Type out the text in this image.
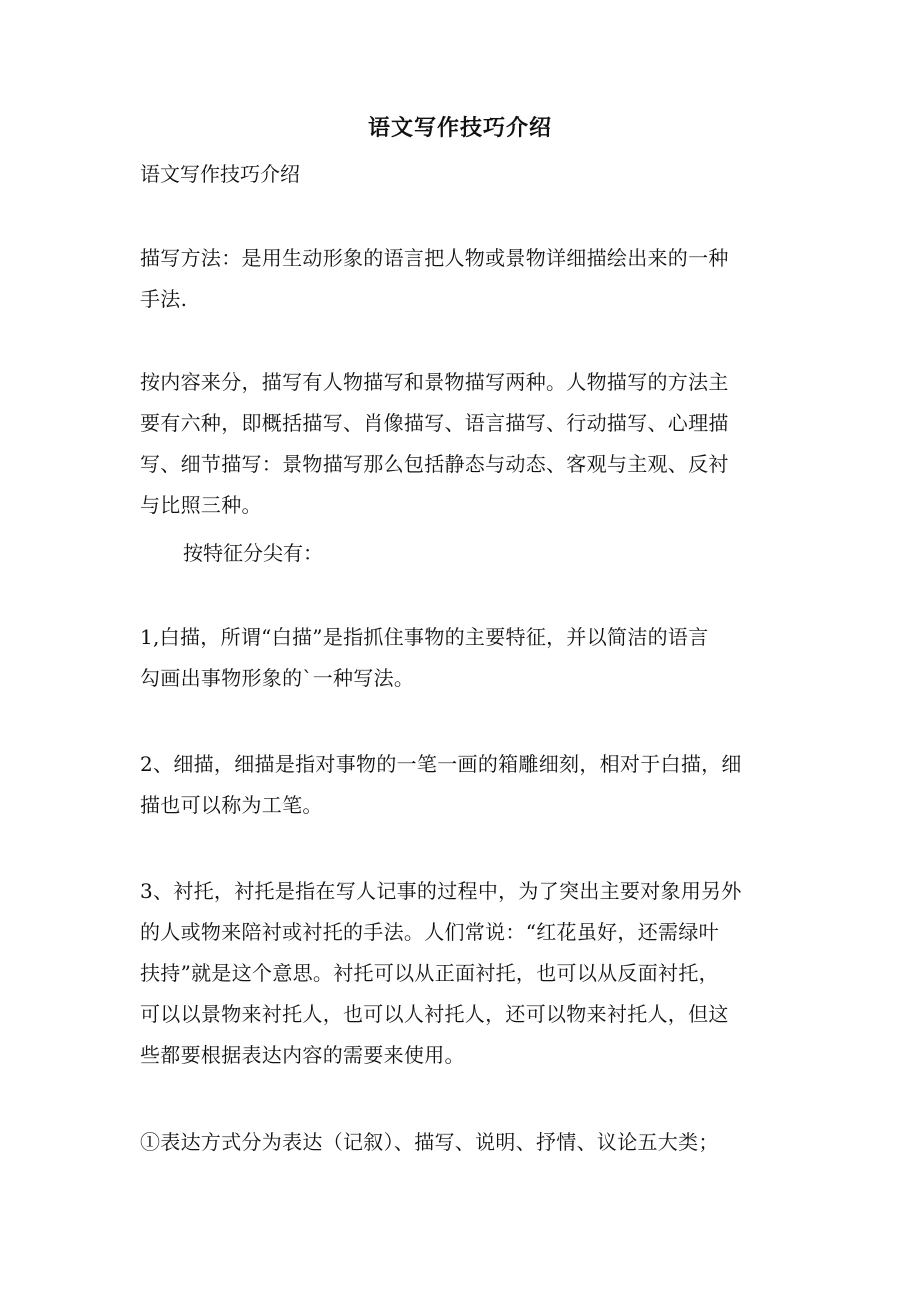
语文写作技巧介绍
语文写作技巧介绍
描写方法：是用生动形象的语言把人物或景物详细描绘出来的一种
手法.
按内容来分，描写有人物描写和景物描写两种。人物描写的方法主
要有六种，即概括描写、肖像描写、语言描写、行动描写、心理描
写、细节描写：景物描写那么包括静态与动态、客观与主观、反衬
与比照三种。
按特征分尖有：
1,白描，所谓“白描”是指抓住事物的主要特征，并以简洁的语言
勾画出事物形象的`一种写法。
2、细描，细描是指对事物的一笔一画的箱雕细刻，相对于白描，细
描也可以称为工笔。
3、衬托，衬托是指在写人记事的过程中，为了突出主要对象用另外
的人或物来陪衬或衬托的手法。人们常说：“红花虽好，还需绿叶
扶持”就是这个意思。衬托可以从正面衬托，也可以从反面衬托，
可以以景物来衬托人，也可以人衬托人，还可以物来衬托人，但这
些都要根据表达内容的需要来使用。
①表达方式分为表达（记叙）、描写、说明、抒情、议论五大类；
